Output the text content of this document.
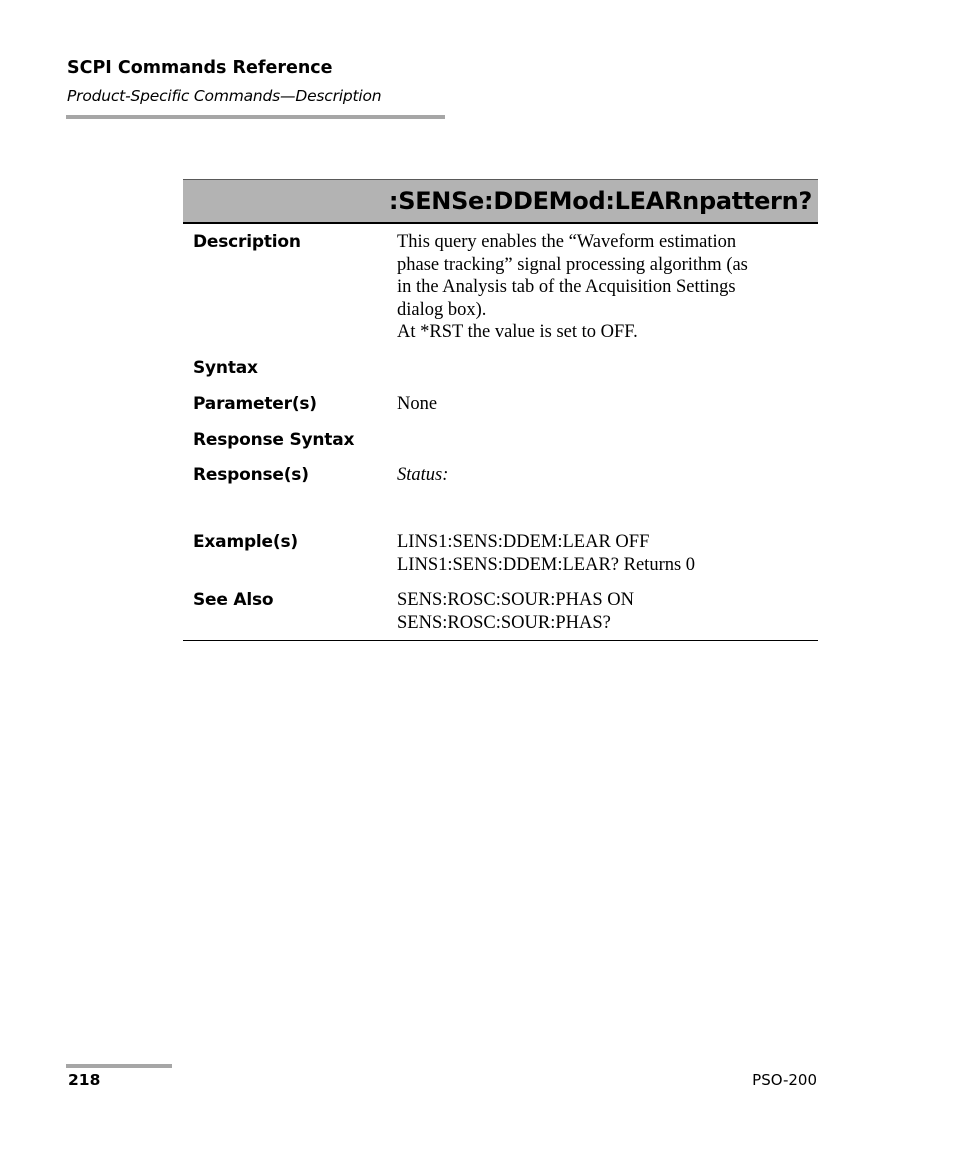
SCPI Commands Reference
Product-Specific Commands—Description
:SENSe:DDEMod:LEARnpattern?
Description	This query enables the “Waveform estimation

phase tracking” signal processing algorithm (as

in the Analysis tab of the Acquisition Settings

dialog box).

At *RST the value is set to OFF.

Syntax
Parameter(s)	None

Response Syntax
Response(s)	Status:

Example(s)	LINS1:SENS:DDEM:LEAR OFF

LINS1:SENS:DDEM:LEAR? Returns 0

See Also	SENS:ROSC:SOUR:PHAS ON

SENS:ROSC:SOUR:PHAS?

218	PSO-200
